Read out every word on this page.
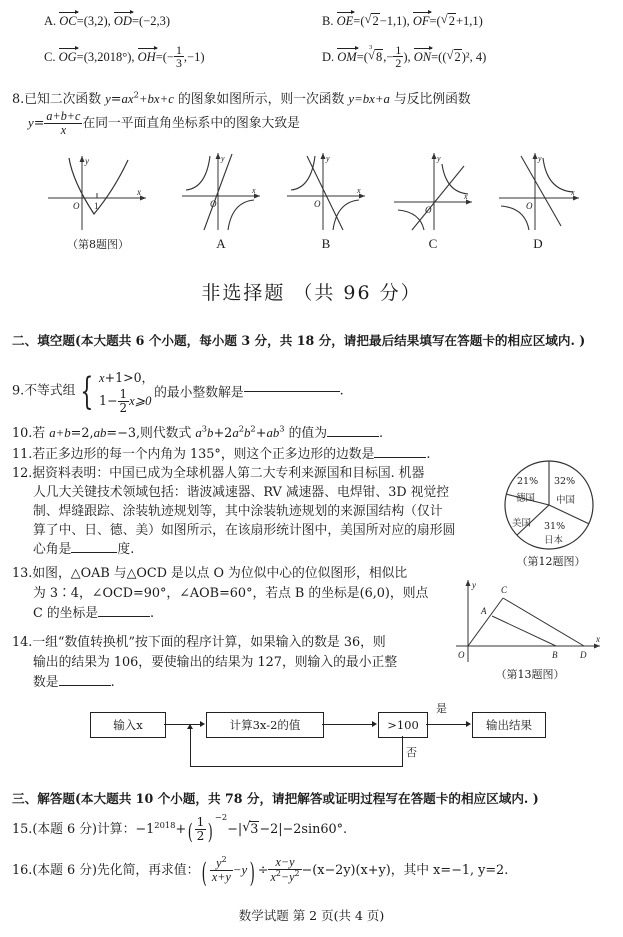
A. OC=(3,2), OD=(−2,3)	B. OE=( √ 2−1,1), OF=( √ 2+1,1)
C. OG=(3,2018°), $OH=(- \frac{1}{3} ,-1)$	D. OM=(
√ 3
$8,- \frac{1}{2}$ ), ON=(( √ 2)², 4)
8.已知二次函数 $y=ax^2+bx+c$ 的图象如图所示，则一次函数 y=bx+a 与反比例函数
$y= \frac{a+b+c}{x}$ 在同一平面直角坐标系中的图象大致是
O 1
x
y
（第8题图）
O
x
y
A
O
x
y
B
O
x
y
C
O
x
y
D
非选择题 （共 96 分）
二、填空题(本大题共 6 个小题，每小题 3 分，共 18 分，请把最后结果填写在答题卡的相应区域内. )
9.不等式组 { x+1>0，
$1- \frac{1}{2}$ x⩾0
的最小整数解是	.
10.若 a+b=2,ab=−3,则代数式 $a^3b+2a^2b^2+ab^3$ 的值为	.
11.若正多边形的每一个内角为 135°，则这个正多边形的边数是	.
12.据资料表明：中国已成为全球机器人第二大专利来源国和目标国. 机器
人几大关键技术领域包括：谐波减速器、RV 减速器、电焊钳、3D 视觉控
制、焊缝跟踪、涂装轨迹规划等，其中涂装轨迹规划的来源国结构（仅计
算了中、日、德、美）如图所示，在该扇形统计图中，美国所对应的扇形圆
心角是	度.
32%
中国
31%
日本
美国
21%
德国
（第12题图）
13.如图，△OAB 与△OCD 是以点 O 为位似中心的位似图形，相似比
为 3∶4，∠OCD=90°，∠AOB=60°，若点 B 的坐标是(6,0)，则点
C 的坐标是	.
O
A
C
B	D
x
y
（第13题图）
14.一组“数值转换机”按下面的程序计算，如果输入的数是 36，则
输出的结果为 106，要使输出的结果为 127，则输入的最小正整
数是	.
输入x	计算3x-2的值	>100	输出结果
是
否
三、解答题(本大题共 10 个小题，共 78 分，请把解答或证明过程写在答题卡的相应区域内. )
15.(本题 6 分)计算：$-1^{2018}+( \frac{1}{2} )^{-2}-|$ √ 3−2|−2sin60°.
16.(本题 6 分)先化简，再求值：( $\frac{y^2}{x+y} -y) \div \frac{x-y}{x^2-y^2} -(x-2y)(x+y)$，其中 x=−1, y=2.
数学试题 第 2 页(共 4 页)
